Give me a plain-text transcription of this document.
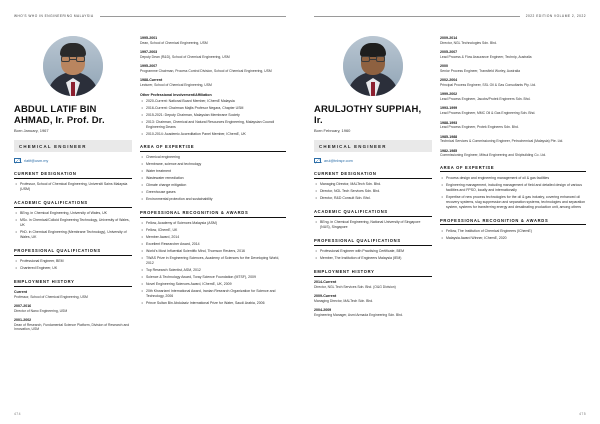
WHO'S WHO IN ENGINEERING MALAYSIA
ABDUL LATIF BIN AHMAD, Ir. Prof. Dr.
Born January, 1967
CHEMICAL ENGINEER
rlatif@usm.my
CURRENT DESIGNATION
• Professor, School of Chemical Engineering, Universiti Sains Malaysia (USM)
ACADEMIC QUALIFICATIONS
• BEng. in Chemical Engineering, University of Wales, UK
• MSc. in Chemical/Colloid Engineering Technology, University of Wales, UK
• PhD. in Chemical Engineering (Membrane Technology), University of Wales, UK
PROFESSIONAL QUALIFICATIONS
• Professional Engineer, BEM
• Chartered Engineer, UK
EMPLOYMENT HISTORY
Current
Professor, School of Chemical Engineering, USM
2007-2016
Director of Nano Engineering, USM
2001-2002
Dean of Research, Fundamental Science Platform, Division of Research and Innovation, USM
1995-2001
Dean, School of Chemical Engineering, USM
1997-2003
Deputy Dean (R&D), School of Chemical Engineering, USM
1995-2007
Programme Chairman, Process Control Division, School of Chemical Engineering, USM
1988-Current
Lecturer, School of Chemical Engineering, USM
Other Professional Involvement/Affiliation
• 2020-Current: National Board Member, IChemE Malaysia
• 2016-Current: Chairman Majlis Profesor Negara, Chapter USM
• 2015-2021: Deputy Chairman, Malaysian Membrane Society
• 2013: Chairman, Chemical and Natural Resources Engineering, Malaysian Council Engineering Deans
• 2010-2014: Academic Accreditation Panel Member, IChemE, UK
AREA OF EXPERTISE
• Chemical engineering
• Membrane, science and technology
• Water treatment
• Wastewater remediation
• Climate change mitigation
• Greenhouse gases
• Environmental protection and sustainability
PROFESSIONAL RECOGNITION & AWARDS
• Fellow, Academy of Sciences Malaysia (ASM)
• Fellow, IChemE, UK
• Member Award, 2014
• Excellent Researcher Award, 2014
• World's Most Influential Scientific Mind, Thomson Reuters, 2016
• TWAS Prize in Engineering Sciences, Academy of Sciences for the Developing World, 2012
• Top Research Scientist, ASM, 2012
• Science & Technology Award, Toray Science Foundation (MTSF), 2009
• Novel Engineering Sciences Award, IChemE, UK, 2009
• 20th Khwarizmi International Award, Iranian Research Organization for Science and Technology, 2006
• Prince Sultan Bin Abdulaziz International Prize for Water, Saudi Arabia, 2006
474
2022 EDITION VOLUME 2, 2022
ARULJOTHY SUPPIAH, Ir.
Born February, 1960
CHEMICAL ENGINEER
arul@tnbspr.com
CURRENT DESIGNATION
• Managing Director, MALTech Sdn. Bhd.
• Director, NGL Tech Services Sdn. Bhd.
• Director, R&D Consult Sdn. Bhd.
ACADEMIC QUALIFICATIONS
• BEng. in Chemical Engineering, National University of Singapore (NUS), Singapore
PROFESSIONAL QUALIFICATIONS
• Professional Engineer with Practising Certificate, BEM
• Member, The Institution of Engineers Malaysia (IEM)
EMPLOYMENT HISTORY
2014-Current
Director, NGL Tech Services Sdn. Bhd. (O&G Division)
2009-Current
Managing Director, MALTech Sdn. Bhd.
2004-2009
Engineering Manager, Asmi Armada Engineering Sdn. Bhd.
2009-2014
Director, NGL Technologies Sdn. Bhd.
2005-2007
Lead Process & Flow Assurance Engineer, Technip, Australia
2000
Senior Process Engineer, Transfield Worley, Australia
2002-2004
Principal Process Engineer, SSL Oil & Gas Consultants Pty. Ltd.
1999-2002
Lead Process Engineer, Jacobs/Protek Engineers Sdn. Bhd.
1993-1999
Lead Process Engineer, MMC Oil & Gas Engineering Sdn. Bhd.
1988-1993
Lead Process Engineer, Protek Engineers Sdn. Bhd.
1985-1988
Technical Services & Commissioning Engineer, Petrochemical (Malaysia) Pte. Ltd.
1982-1985
Commissioning Engineer, Mitsui Engineering and Shipbuilding Co. Ltd.
AREA OF EXPERTISE
• Process design and engineering management of oil & gas facilities
• Engineering management, including management of field and detailed design of various facilities and FPSO, locally and internationally
• Expertise of new process technologies for the oil & gas industry, covering enhanced oil recovery systems, slug suppression and separation systems, technologies and separation system, systems for transferring energy and desalinating production unit, among others
PROFESSIONAL RECOGNITION & AWARDS
• Fellow, The Institution of Chemical Engineers (IChemE)
• Malaysia Award Winner, IChemE, 2020
475
